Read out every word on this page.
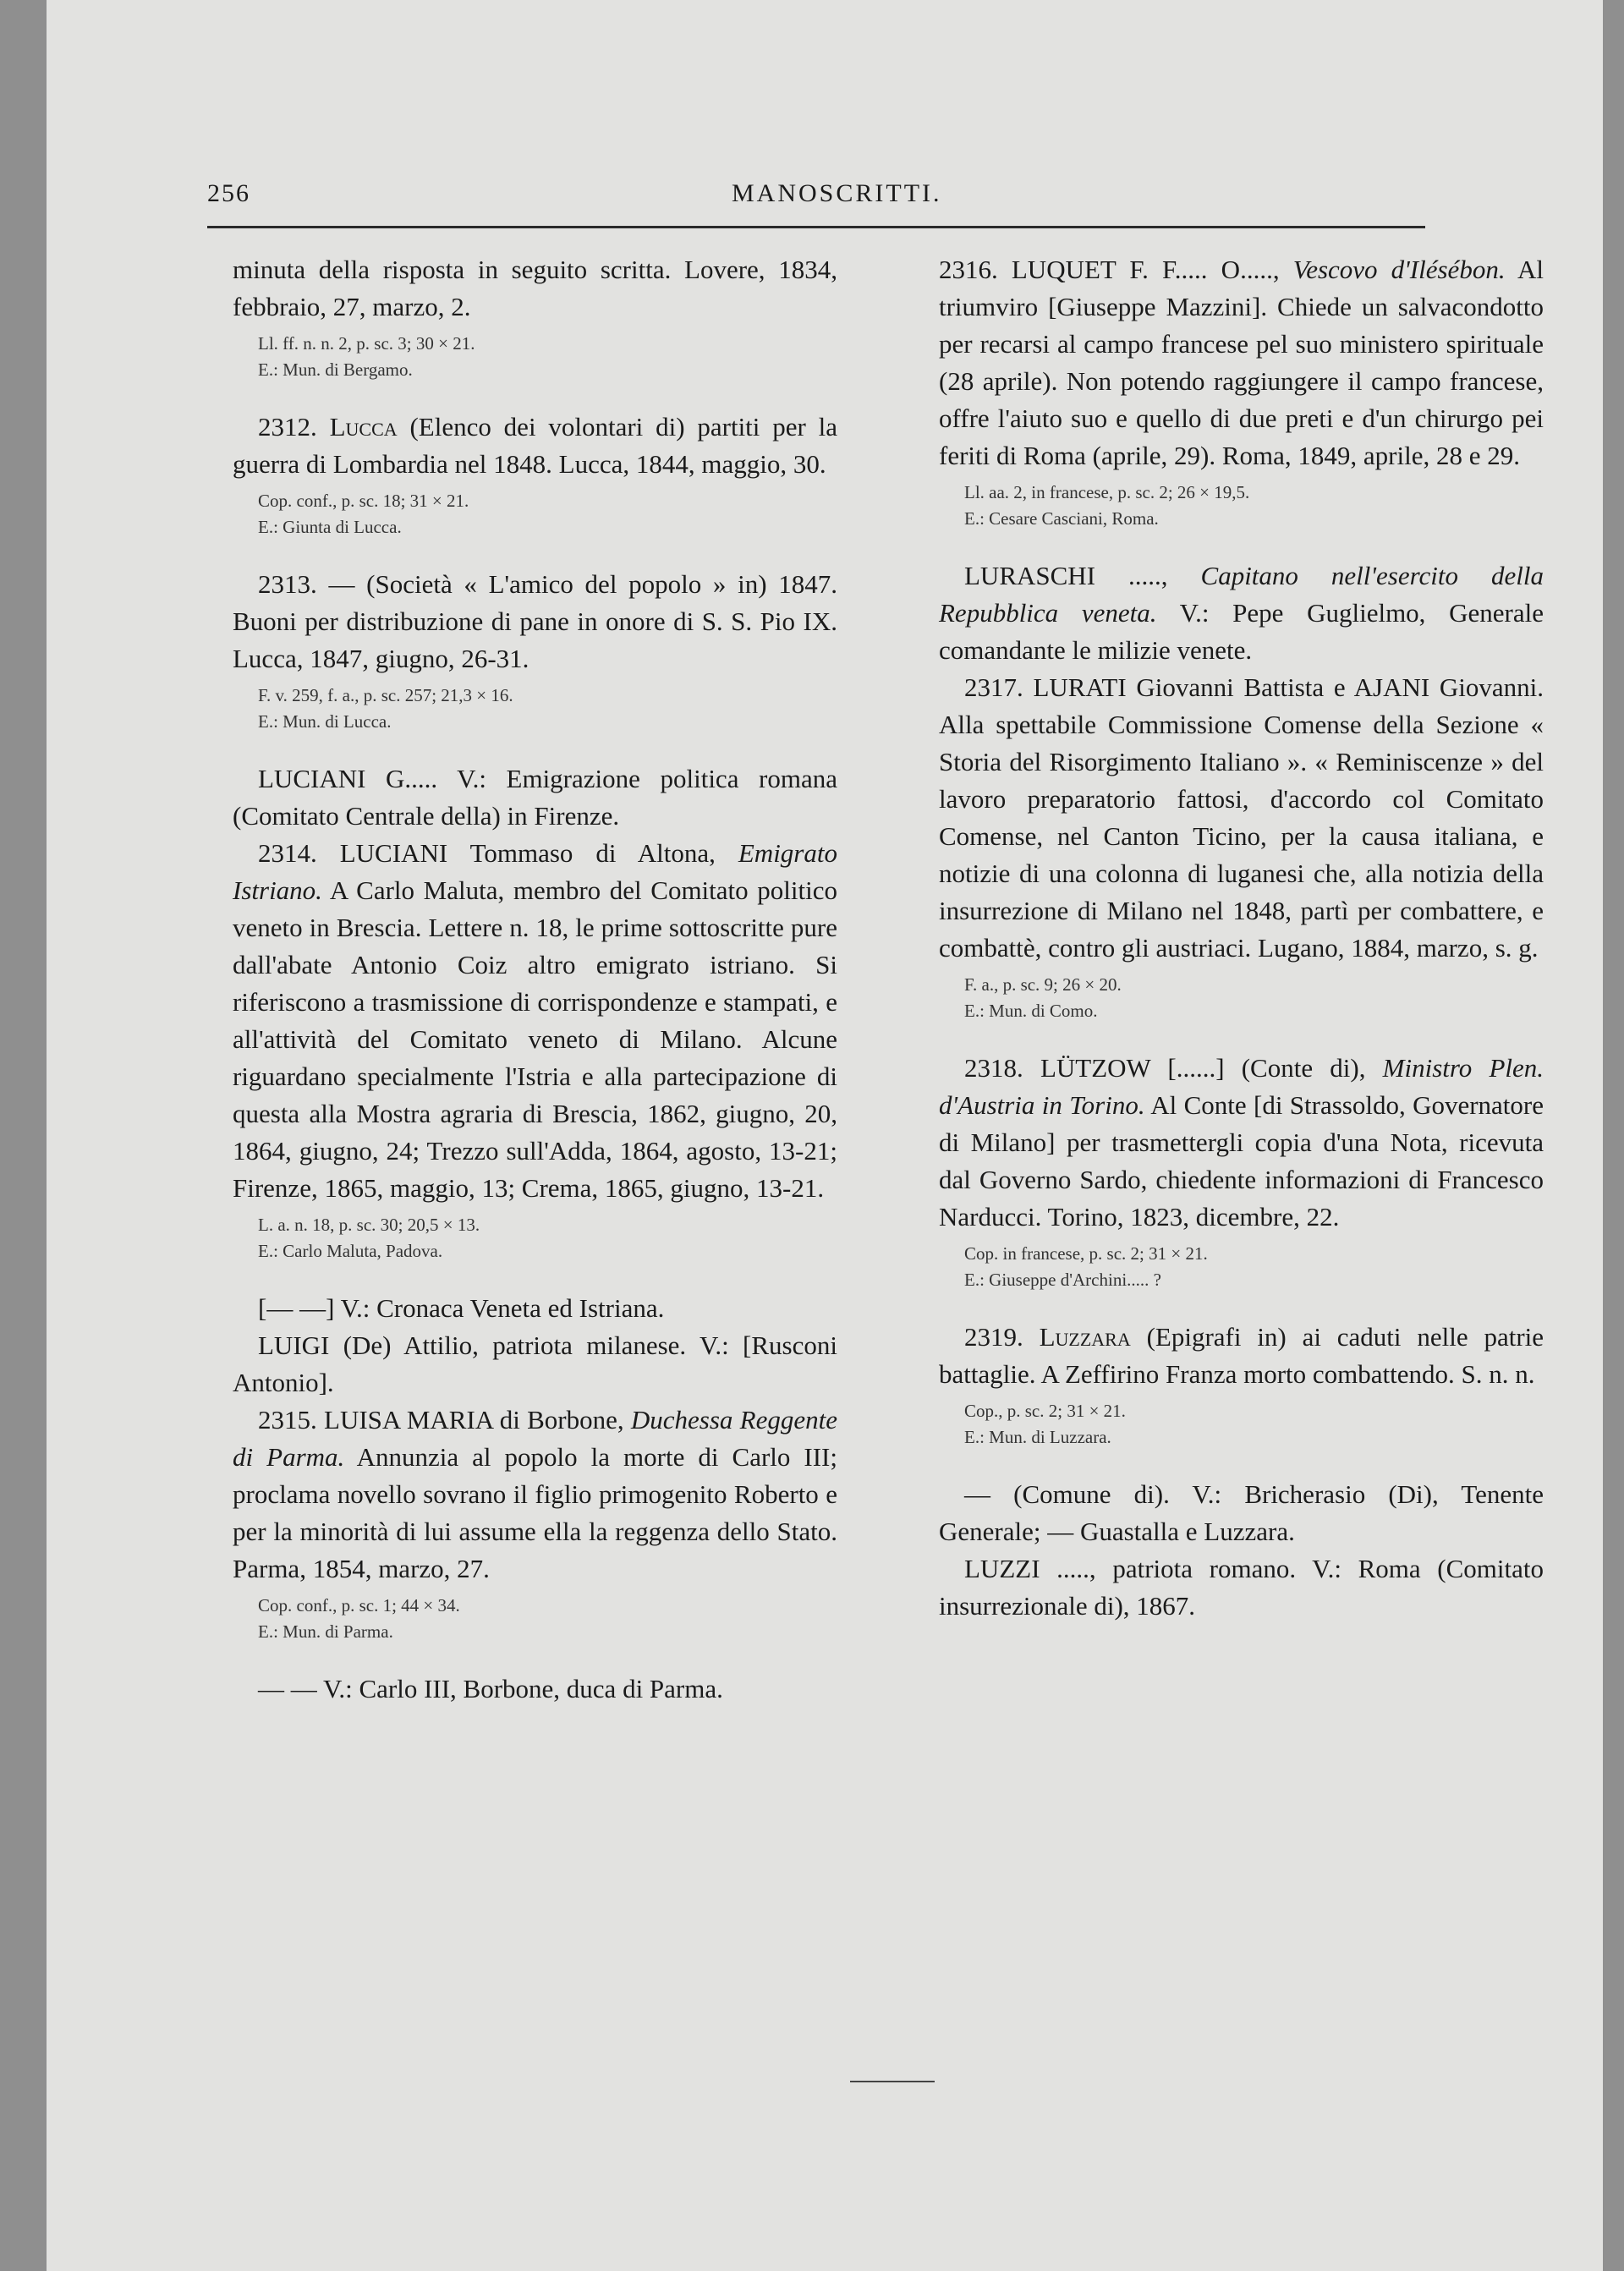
256	MANOSCRITTI.

minuta della risposta in seguito scritta. Lovere, 1834, febbraio, 27, marzo, 2.

Ll. ff. n. n. 2, p. sc. 3; 30 × 21.
E.: Mun. di Bergamo.

2312. Lucca (Elenco dei volontari di) partiti per la guerra di Lombardia nel 1848. Lucca, 1844, maggio, 30.

Cop. conf., p. sc. 18; 31 × 21.
E.: Giunta di Lucca.

2313. — (Società « L'amico del popolo » in) 1847. Buoni per distribuzione di pane in onore di S. S. Pio IX. Lucca, 1847, giugno, 26-31.

F. v. 259, f. a., p. sc. 257; 21,3 × 16.
E.: Mun. di Lucca.

LUCIANI G..... V.: Emigrazione politica romana (Comitato Centrale della) in Firenze.

2314. LUCIANI Tommaso di Altona, Emigrato Istriano. A Carlo Maluta, membro del Comitato politico veneto in Brescia. Lettere n. 18, le prime sottoscritte pure dall'abate Antonio Coiz altro emigrato istriano. Si riferiscono a trasmissione di corrispondenze e stampati, e all'attività del Comitato veneto di Milano. Alcune riguardano specialmente l'Istria e alla partecipazione di questa alla Mostra agraria di Brescia, 1862, giugno, 20, 1864, giugno, 24; Trezzo sull'Adda, 1864, agosto, 13-21; Firenze, 1865, maggio, 13; Crema, 1865, giugno, 13-21.

L. a. n. 18, p. sc. 30; 20,5 × 13.
E.: Carlo Maluta, Padova.

[— —] V.: Cronaca Veneta ed Istriana.

LUIGI (De) Attilio, patriota milanese. V.: [Rusconi Antonio].

2315. LUISA MARIA di Borbone, Duchessa Reggente di Parma. Annunzia al popolo la morte di Carlo III; proclama novello sovrano il figlio primogenito Roberto e per la minorità di lui assume ella la reggenza dello Stato. Parma, 1854, marzo, 27.

Cop. conf., p. sc. 1; 44 × 34.
E.: Mun. di Parma.

— — V.: Carlo III, Borbone, duca di Parma.

2316. LUQUET F. F..... O....., Vescovo d'Ilésébon. Al triumviro [Giuseppe Mazzini]. Chiede un salvacondotto per recarsi al campo francese pel suo ministero spirituale (28 aprile). Non potendo raggiungere il campo francese, offre l'aiuto suo e quello di due preti e d'un chirurgo pei feriti di Roma (aprile, 29). Roma, 1849, aprile, 28 e 29.

Ll. aa. 2, in francese, p. sc. 2; 26 × 19,5.
E.: Cesare Casciani, Roma.

LURASCHI ....., Capitano nell'esercito della Repubblica veneta. V.: Pepe Guglielmo, Generale comandante le milizie venete.

2317. LURATI Giovanni Battista e AJANI Giovanni. Alla spettabile Commissione Comense della Sezione « Storia del Risorgimento Italiano ». « Reminiscenze » del lavoro preparatorio fattosi, d'accordo col Comitato Comense, nel Canton Ticino, per la causa italiana, e notizie di una colonna di luganesi che, alla notizia della insurrezione di Milano nel 1848, partì per combattere, e combattè, contro gli austriaci. Lugano, 1884, marzo, s. g.

F. a., p. sc. 9; 26 × 20.
E.: Mun. di Como.

2318. LÜTZOW [......] (Conte di), Ministro Plen. d'Austria in Torino. Al Conte [di Strassoldo, Governatore di Milano] per trasmettergli copia d'una Nota, ricevuta dal Governo Sardo, chiedente informazioni di Francesco Narducci. Torino, 1823, dicembre, 22.

Cop. in francese, p. sc. 2; 31 × 21.
E.: Giuseppe d'Archini..... ?

2319. Luzzara (Epigrafi in) ai caduti nelle patrie battaglie. A Zeffirino Franza morto combattendo. S. n. n.

Cop., p. sc. 2; 31 × 21.
E.: Mun. di Luzzara.

— (Comune di). V.: Bricherasio (Di), Tenente Generale; — Guastalla e Luzzara.

LUZZI ....., patriota romano. V.: Roma (Comitato insurrezionale di), 1867.
